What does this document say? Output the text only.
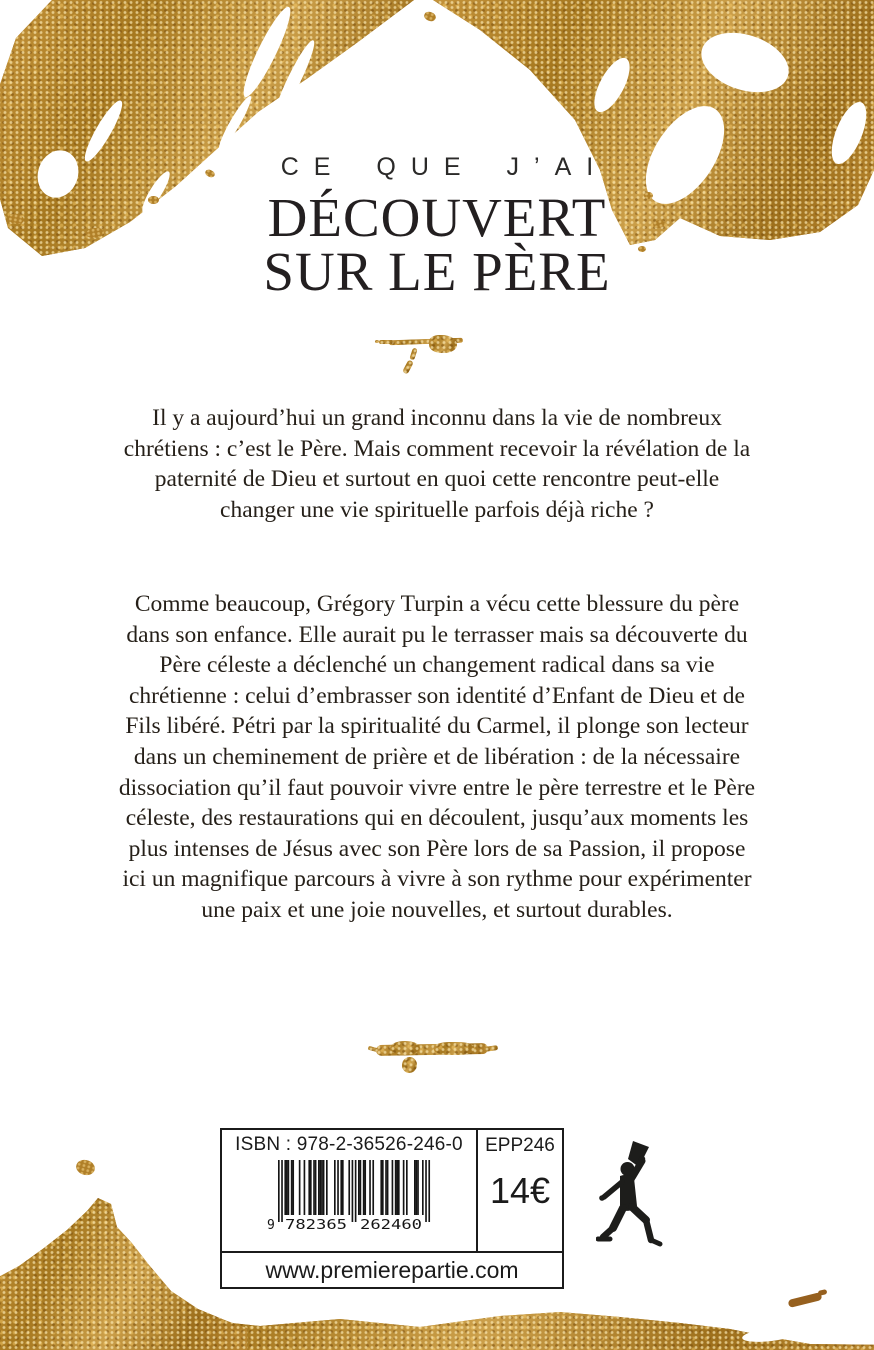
CE QUE J’AI
DÉCOUVERT
SUR LE PÈRE

Il y a aujourd’hui un grand inconnu dans la vie de nombreux chrétiens : c’est le Père. Mais comment recevoir la révélation de la paternité de Dieu et surtout en quoi cette rencontre peut-elle changer une vie spirituelle parfois déjà riche ?

Comme beaucoup, Grégory Turpin a vécu cette blessure du père dans son enfance. Elle aurait pu le terrasser mais sa découverte du Père céleste a déclenché un changement radical dans sa vie chrétienne : celui d’embrasser son identité d’Enfant de Dieu et de Fils libéré. Pétri par la spiritualité du Carmel, il plonge son lecteur dans un cheminement de prière et de libération : de la nécessaire dissociation qu’il faut pouvoir vivre entre le père terrestre et le Père céleste, des restaurations qui en découlent, jusqu’aux moments les plus intenses de Jésus avec son Père lors de sa Passion, il propose ici un magnifique parcours à vivre à son rythme pour expérimenter une paix et une joie nouvelles, et surtout durables.

ISBN : 978-2-36526-246-0
9 782365 262460
EPP246
14€
www.premierepartie.com
